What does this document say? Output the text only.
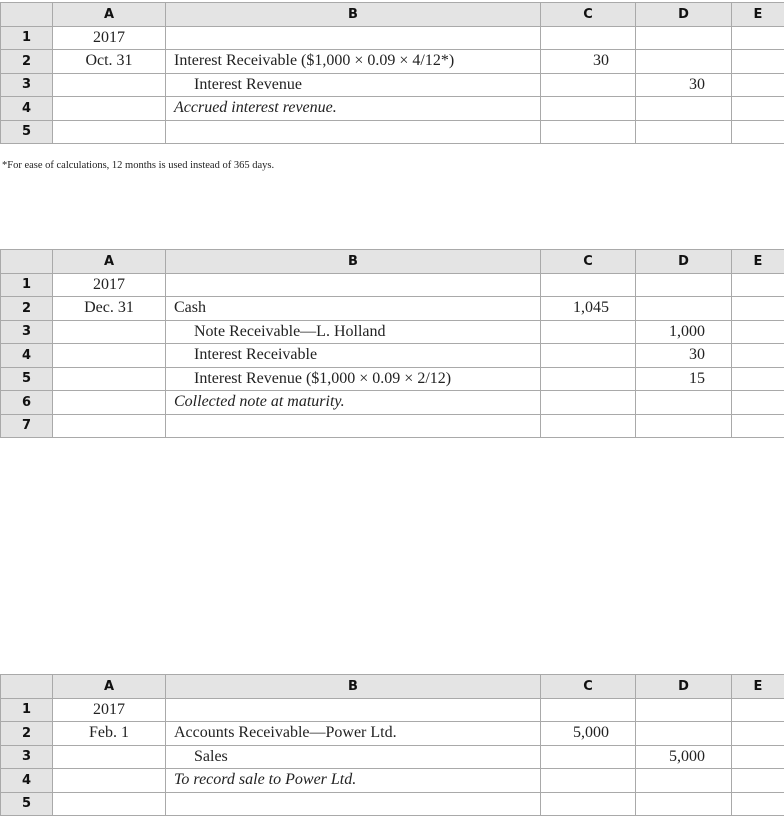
	A	B	C	D	E
1	2017				
2	Oct. 31	Interest Receivable ($1,000 × 0.09 × 4/12*)	30		
3		Interest Revenue		30	
4		Accrued interest revenue.			
5					
*For ease of calculations, 12 months is used instead of 365 days.
	A	B	C	D	E
1	2017				
2	Dec. 31	Cash	1,045		
3		Note Receivable—L. Holland		1,000	
4		Interest Receivable		30	
5		Interest Revenue ($1,000 × 0.09 × 2/12)		15	
6		Collected note at maturity.			
7					
	A	B	C	D	E
1	2017				
2	Feb. 1	Accounts Receivable—Power Ltd.	5,000		
3		Sales		5,000	
4		To record sale to Power Ltd.			
5					
